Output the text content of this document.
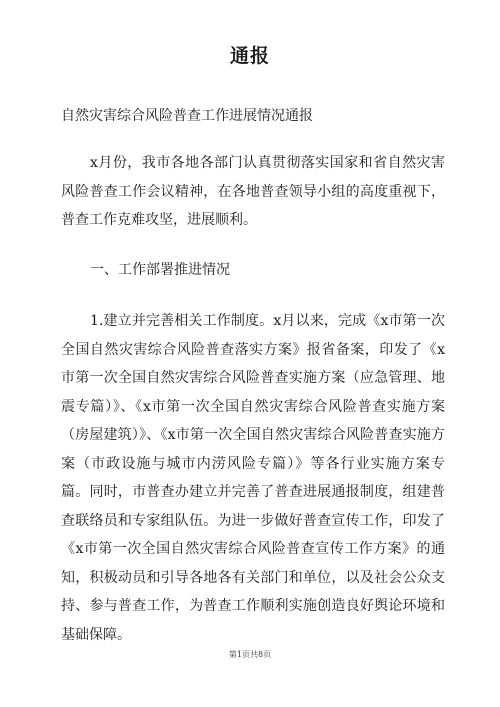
通报
自然灾害综合风险普查工作进展情况通报

x月份，我市各地各部门认真贯彻落实国家和省自然灾害风险普查工作会议精神，在各地普查领导小组的高度重视下，普查工作克难攻坚，进展顺利。

一、工作部署推进情况

1.建立并完善相关工作制度。x月以来，完成《x市第一次全国自然灾害综合风险普查落实方案》报省备案，印发了《x市第一次全国自然灾害综合风险普查实施方案（应急管理、地震专篇）》、《x市第一次全国自然灾害综合风险普查实施方案（房屋建筑）》、《x市第一次全国自然灾害综合风险普查实施方案（市政设施与城市内涝风险专篇）》等各行业实施方案专篇。同时，市普查办建立并完善了普查进展通报制度，组建普查联络员和专家组队伍。为进一步做好普查宣传工作，印发了《x市第一次全国自然灾害综合风险普查宣传工作方案》的通知，积极动员和引导各地各有关部门和单位，以及社会公众支持、参与普查工作，为普查工作顺利实施创造良好舆论环境和基础保障。

第1页共8页
